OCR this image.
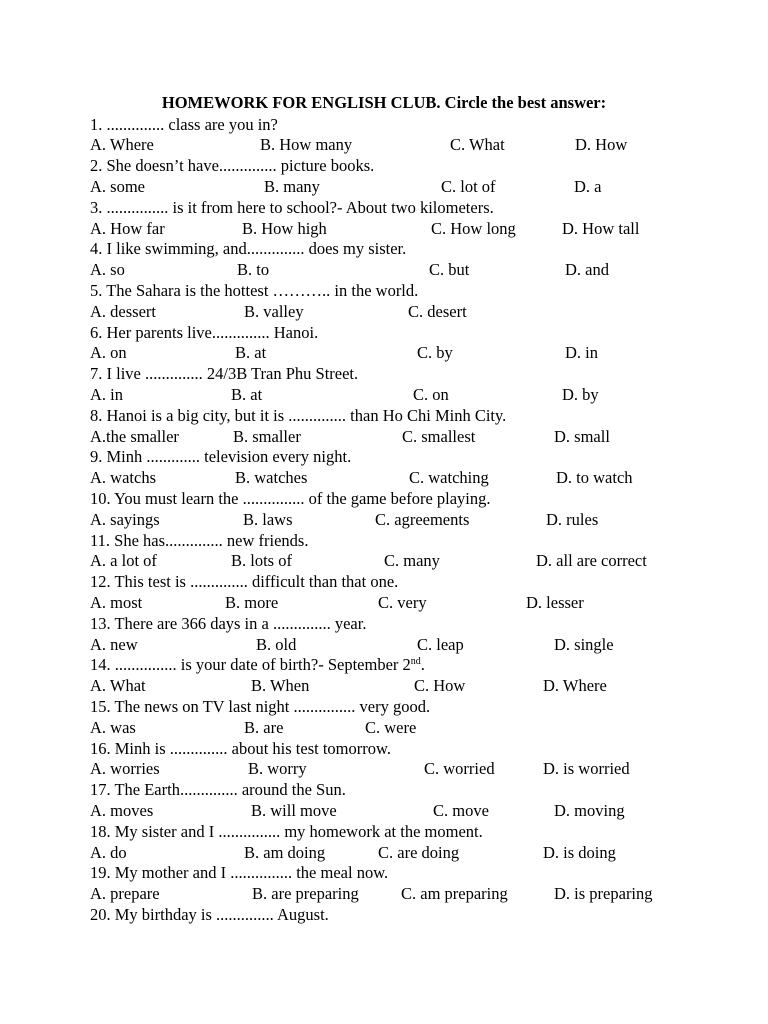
HOMEWORK FOR ENGLISH CLUB. Circle the best answer:
1. .............. class are you in?
A. Where	B. How many	C. What	D. How
2. She doesn’t have.............. picture books.
A. some	B. many	C. lot of	D. a
3. ............... is it from here to school?- About two kilometers.
A. How far	B. How high	C. How long	D. How tall
4. I like swimming, and.............. does my sister.
A. so	B. to	C. but	D. and
5. The Sahara is the hottest ……….. in the world.
A. dessert	B. valley	C. desert
6. Her parents live.............. Hanoi.
A. on	B. at	C. by	D. in
7. I live .............. 24/3B Tran Phu Street.
A. in	B. at	C. on	D. by
8. Hanoi is a big city, but it is .............. than Ho Chi Minh City.
A.the smaller	B. smaller	C. smallest	D. small
9. Minh ............. television every night.
A. watchs	B. watches	C. watching	D. to watch
10. You must learn the ............... of the game before playing.
A. sayings	B. laws	C. agreements	D. rules
11. She has.............. new friends.
A. a lot of	B. lots of	C. many	D. all are correct
12. This test is .............. difficult than that one.
A. most	B. more	C. very	D. lesser
13. There are 366 days in a .............. year.
A. new	B. old	C. leap	D. single
14. ............... is your date of birth?- September 2nd.
A. What	B. When	C. How	D. Where
15. The news on TV last night ............... very good.
A. was	B. are	C. were
16. Minh is .............. about his test tomorrow.
A. worries	B. worry	C. worried	D. is worried
17. The Earth.............. around the Sun.
A. moves	B. will move	C. move	D. moving
18. My sister and I ............... my homework at the moment.
A. do	B. am doing	C. are doing	D. is doing
19. My mother and I ............... the meal now.
A. prepare	B. are preparing	C. am preparing	D. is preparing
20. My birthday is .............. August.
